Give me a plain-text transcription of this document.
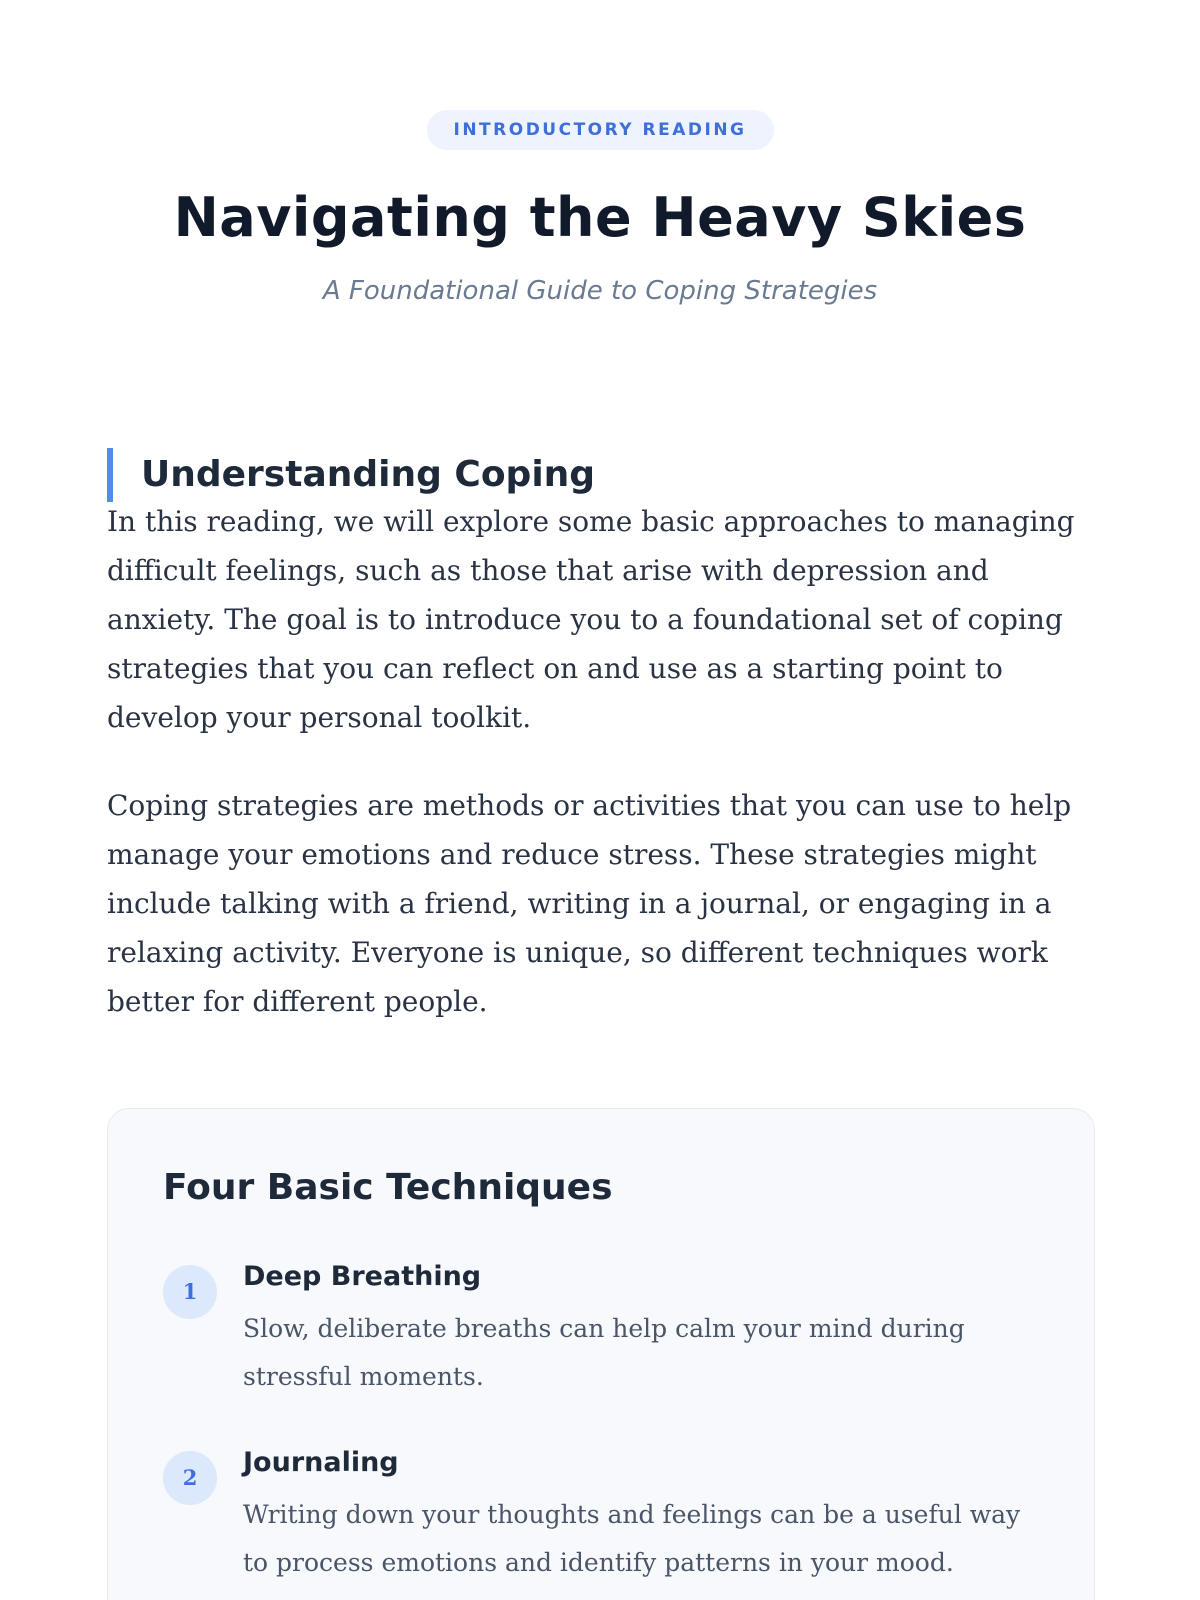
INTRODUCTORY READING
Navigating the Heavy Skies

A Foundational Guide to Coping Strategies

Understanding Coping

In this reading, we will explore some basic approaches to managing difficult feelings, such as those that arise with depression and anxiety. The goal is to introduce you to a foundational set of coping strategies that you can reflect on and use as a starting point to develop your personal toolkit.

Coping strategies are methods or activities that you can use to help manage your emotions and reduce stress. These strategies might include talking with a friend, writing in a journal, or engaging in a relaxing activity. Everyone is unique, so different techniques work better for different people.

Four Basic Techniques
1	Deep Breathing

Slow, deliberate breaths can help calm your mind during stressful moments.

2	Journaling

Writing down your thoughts and feelings can be a useful way to process emotions and identify patterns in your mood.
